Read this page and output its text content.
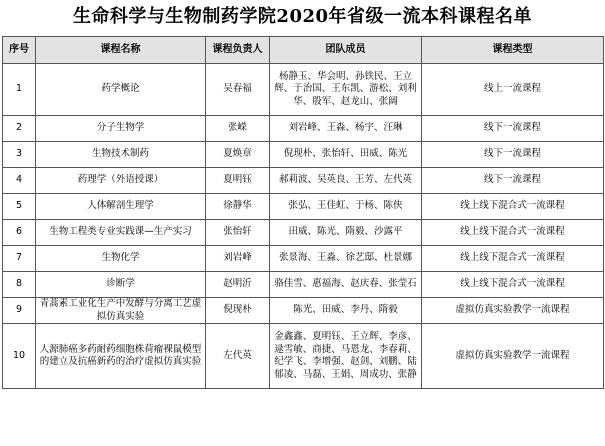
生命科学与生物制药学院2020年省级一流本科课程名单
序号	课程名称	课程负责人	团队成员	课程类型
1	药学概论	吴春福	杨静玉、华会明、孙铁民、王立辉、于治国、王东凯、游松、刘利华、殷军、赵龙山、张阔	线上一流课程
2	分子生物学	张嵘	刘岩峰、王淼、杨宇、汪琳	线下一流课程
3	生物技术制药	夏焕章	倪现朴、张怡轩、田威、陈光	线下一流课程
4	药理学（外语授课）	夏明钰	郝莉波、吴英良、王芳、左代英	线下一流课程
5	人体解剖生理学	徐静华	张弘、王佳虹、于杨、陈侠	线上线下混合式一流课程
6	生物工程类专业实践课—生产实习	张怡轩	田威、陈光、隋毅、沙露平	线上线下混合式一流课程
7	生物化学	刘岩峰	张景海、王淼、徐艺邸、杜景娜	线上线下混合式一流课程
8	诊断学	赵明沂	骆佳雪、惠福海、赵庆春、张莹石	线上线下混合式一流课程
9	青蒿素工业化生产中发酵与分离工艺虚拟仿真实验	倪现朴	陈光、田威、李丹、隋毅	虚拟仿真实验教学一流课程
10	人源肺癌多药耐药细胞株荷瘤裸鼠模型的建立及抗癌新药的治疗虚拟仿真实验	左代英	金鑫鑫、夏明钰、王立辉、李彦、逯雪敏、商捷、马恩龙、李春莉、纪学飞、李增强、赵剑、刘鹏、陆郁凌、马磊、王娟、周成功、张静	虚拟仿真实验教学一流课程
